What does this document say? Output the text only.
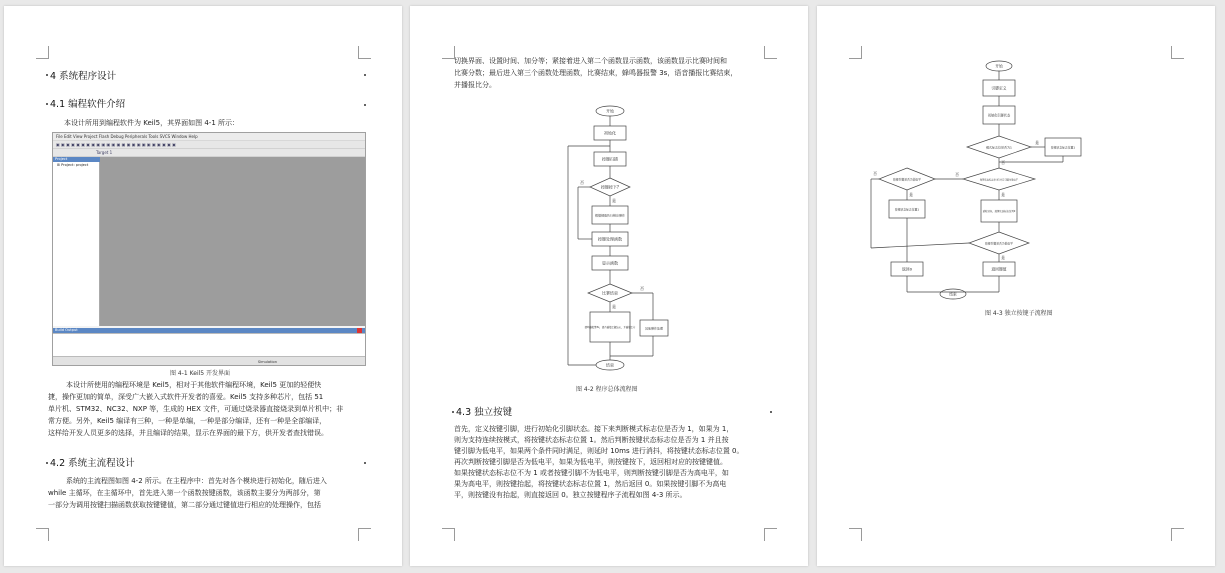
4 系统程序设计
4.1 编程软件介绍
本设计所用到编程软件为 Keil5，其界面如图 4-1 所示：
File Edit View Project Flash Debug Peripherals Tools SVCS Window Help
▣ ▣ ▣ ▣ ▣ ▣ ▣ ▣ ▣ ▣ ▣ ▣ ▣ ▣ ▣ ▣ ▣ ▣ ▣ ▣ ▣ ▣ ▣ ▣
Target 1
Project
⊞ Project: project
Build Output
Simulation
图 4-1 Keil5 开发界面
本设计所使用的编程环境是 Keil5，相对于其他软件编程环境，Keil5 更加的轻便快
捷，操作更加的简单，深受广大嵌入式软件开发者的喜爱。Keil5 支持多种芯片，包括 51
单片机、STM32、NC32、NXP 等，生成的 HEX 文件，可通过烧录器直接烧录到单片机中；非
常方便。另外，Keil5 编译有三种，一种是单编，一种是部分编译，还有一种是全部编译，
这样给开发人员更多的选择，并且编译的结果，显示在界面的最下方，供开发者查找错误。
4.2 系统主流程设计
系统的主流程图如图 4-2 所示。在主程序中：首先对各个模块进行初始化，随后进入
while 主循环，在主循环中，首先进入第一个函数按键函数，该函数主要分为两部分，第
一部分为调用按键扫描函数获取按键键值，第二部分通过键值进行相应的处理操作，包括
切换界面、设置时间、加分等；紧接着进入第二个函数显示函数，该函数显示比赛时间和
比赛分数；最后进入第三个函数处理函数，比赛结束，蜂鸣器报警 3s，语音播报比赛结束，
并播报比分。
开始
初始化
按键扫描
按键按下?
根据键值执行相应操作
按键处理函数
显示函数
比赛结束
蜂鸣器报警3s，语音播报比赛结束，并播报比分	其他操作处理
结束
是
否
是
否
图 4-2 程序总体流程图
4.3 独立按键
首先，定义按键引脚，进行初始化引脚状态。接下来判断模式标志位是否为 1，如果为 1，
则为支持连续按模式，将按键状态标志位置 1。然后判断按键状态标志位是否为 1 并且按
键引脚为低电平，如果两个条件同时满足，则延时 10ms 进行消抖，将按键状态标志位置 0。
再次判断按键引脚是否为低电平，如果为低电平，则按键按下，返回相对应的按键键值。
如果按键状态标志位不为 1 或者按键引脚不为低电平，则判断按键引脚是否为高电平，如
果为高电平，则按键抬起，将按键状态标志位置 1，然后返回 0。如果按键引脚不为高电
平，则按键没有抬起，则直接返回 0。独立按键程序子流程如图 4-3 所示。
开始
引脚定义
初始化引脚状态
模式标志位是否为1	按键状态标志位置1
按键状态标志位为1并且引脚为低电平
延时消抖，按键状态标志位置0
按键引脚是否为低电平
按键引脚是否为高电平
按键状态标志位置1
返回0	返回键值
结束
是
否
否
是
是
否
是
图 4-3 独立按键子流程图
